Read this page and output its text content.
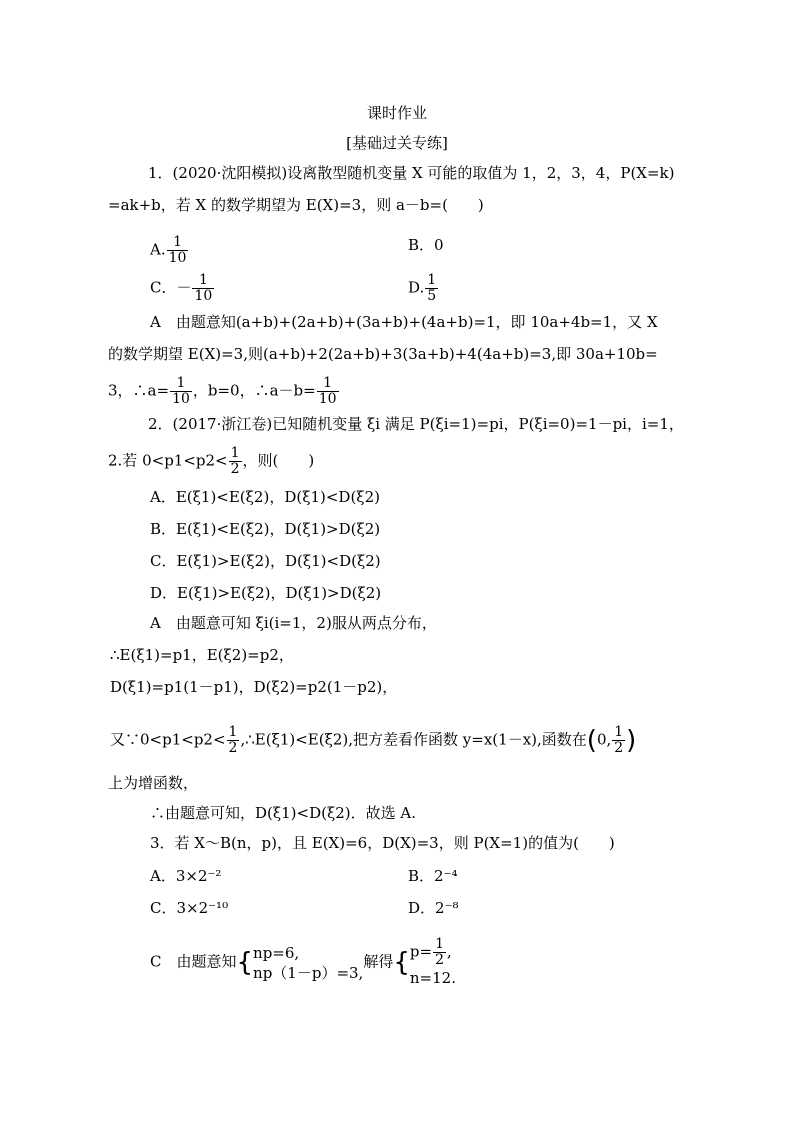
课时作业
[基础过关专练]
1．(2020·沈阳模拟)设离散型随机变量 X 可能的取值为 1，2，3，4，P(X=k)
=ak+b，若 X 的数学期望为 E(X)=3，则 a－b=(　　)
A. $\frac{1}{10}$	B．0
C．－ $\frac{1}{10}$	D. $\frac{1}{5}$
A　由题意知(a+b)+(2a+b)+(3a+b)+(4a+b)=1，即 10a+4b=1，又 X
的数学期望 E(X)=3,则(a+b)+2(2a+b)+3(3a+b)+4(4a+b)=3,即 30a+10b=
3，∴a= $\frac{1}{10}$ ，b=0，∴a－b= $\frac{1}{10}$
2．(2017·浙江卷)已知随机变量 ξi 满足 P(ξi=1)=pi，P(ξi=0)=1－pi，i=1，
2.若 $0<p1<p2< \frac{1}{2}$ ，则(　　)
A．E(ξ1)<E(ξ2)，D(ξ1)<D(ξ2)
B．E(ξ1)<E(ξ2)，D(ξ1)>D(ξ2)
C．E(ξ1)>E(ξ2)，D(ξ1)<D(ξ2)
D．E(ξ1)>E(ξ2)，D(ξ1)>D(ξ2)
A　由题意可知 ξi(i=1，2)服从两点分布，
∴E(ξ1)=p1，E(ξ2)=p2，
D(ξ1)=p1(1－p1)，D(ξ2)=p2(1－p2)，
又∵0<p1<p2< $\frac{1}{2}$ ,∴E(ξ1)<E(ξ2),把方差看作函数 y=x(1－x),函数在(0, $\frac{1}{2}$ )
上为增函数，
∴由题意可知，D(ξ1)<D(ξ2)．故选 A.
3．若 X～B(n，p)，且 E(X)=6，D(X)=3，则 P(X=1)的值为(　　)
A．3×2⁻²	B．2⁻⁴
C．3×2⁻¹⁰	D．2⁻⁸
C　由题意知{ np=6,
np（1－p）=3,
解得{ $p= \frac{1}{2}$ ,
n=12.
